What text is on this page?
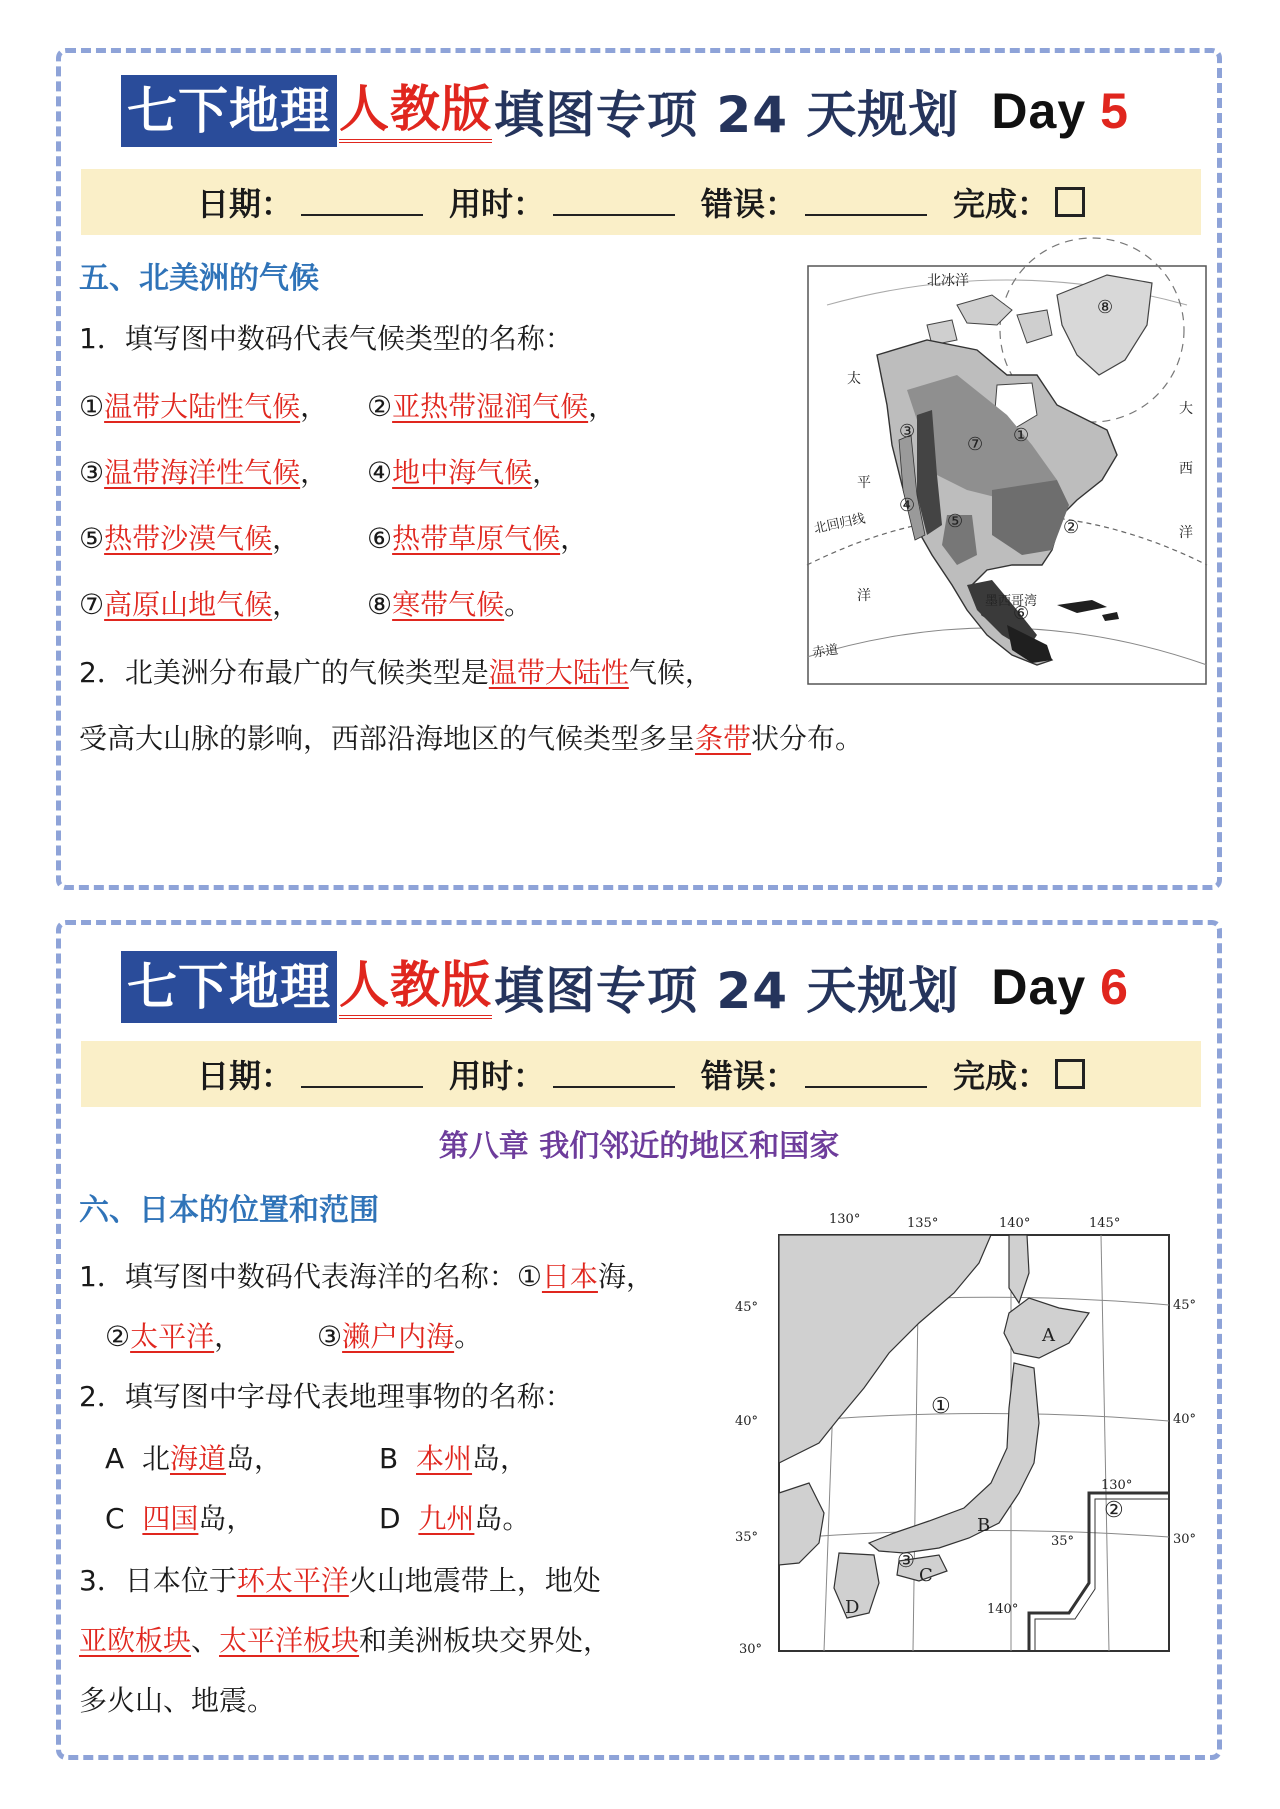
七下地理 人教版 填图专项 24 天规划 Day 5
日期：	用时：	错误：	完成：
五、北美洲的气候
1．填写图中数码代表气候类型的名称：
①温带大陆性气候， ②亚热带湿润气候，
③温带海洋性气候， ④地中海气候，
⑤热带沙漠气候， ⑥热带草原气候，
⑦高原山地气候， ⑧寒带气候。
2．北美洲分布最广的气候类型是温带大陆性气候，
受高大山脉的影响，西部沿海地区的气候类型多呈条带状分布。
北冰洋
太
平
洋
大
西
洋
北回归线
墨西哥湾
赤道
①
②
③
④
⑤
⑥
⑦
⑧
七下地理 人教版 填图专项 24 天规划 Day 6
日期：	用时：	错误：	完成：
第八章 我们邻近的地区和国家
六、日本的位置和范围
1．填写图中数码代表海洋的名称：①日本海，
②太平洋，	③濑户内海。
2．填写图中字母代表地理事物的名称：
A 北海道岛，	B 本州岛，
C 四国岛，	D 九州岛。
3．日本位于环太平洋火山地震带上，地处
亚欧板块、太平洋板块和美洲板块交界处，
多火山、地震。
130°	135°	140°	145°
45°
40°
35°
30°
45°
40°
30°
130°
35°
140°
A
B
C
D
①
②
③
